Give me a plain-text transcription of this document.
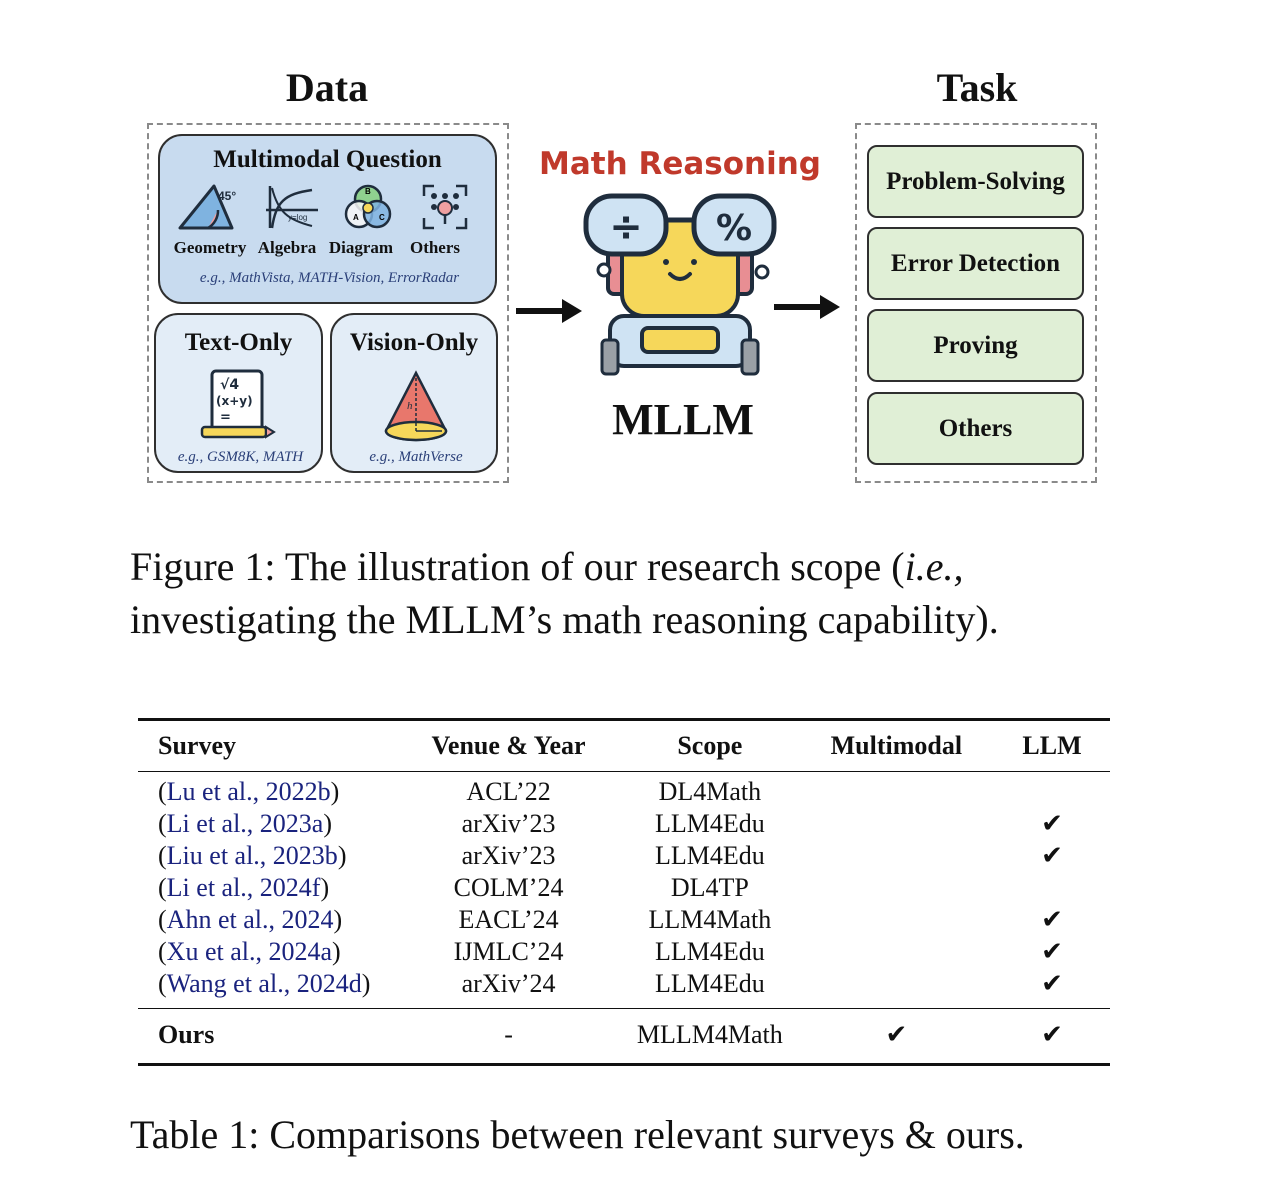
Data	Task
Multimodal Question
45°
y=log
B
A	C
Geometry Algebra Diagram Others
e.g., MathVista, MATH-Vision, ErrorRadar
Text-Only
√4
(x+y)
=
e.g., GSM8K, MATH
Vision-Only
h
e.g., MathVerse
Math Reasoning
÷ %
MLLM
Problem-Solving
Error Detection
Proving
Others
Figure 1: The illustration of our research scope (i.e.,
investigating the MLLM’s math reasoning capability).
Survey	Venue & Year	Scope	Multimodal	LLM

(Lu et al., 2022b)	ACL’22	DL4Math		
(Li et al., 2023a)	arXiv’23	LLM4Edu		✔
(Liu et al., 2023b)	arXiv’23	LLM4Edu		✔
(Li et al., 2024f)	COLM’24	DL4TP		
(Ahn et al., 2024)	EACL’24	LLM4Math		✔
(Xu et al., 2024a)	IJMLC’24	LLM4Edu		✔
(Wang et al., 2024d)	arXiv’24	LLM4Edu		✔

Ours	-	MLLM4Math	✔	✔

Table 1: Comparisons between relevant surveys & ours.
